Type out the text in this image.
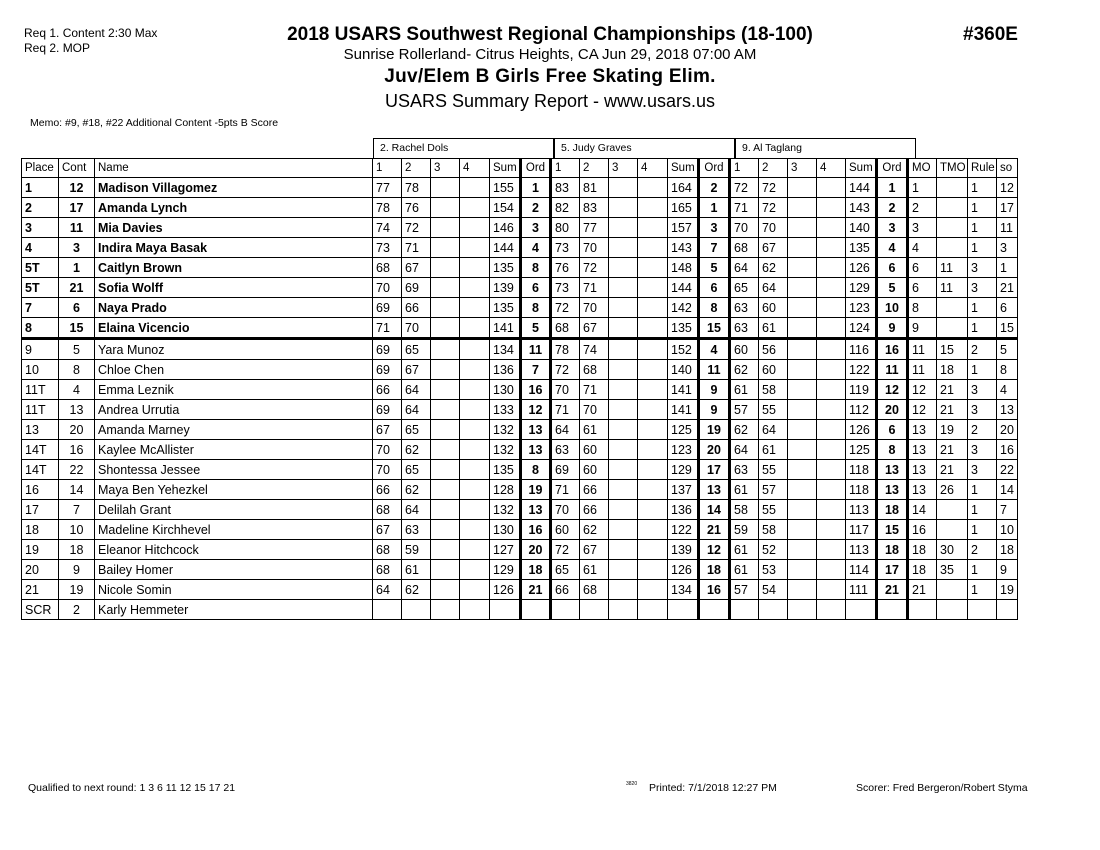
Req 1. Content 2:30 Max
Req 2. MOP
2018 USARS Southwest Regional Championships (18-100)
Sunrise Rollerland- Citrus Heights, CA Jun 29, 2018 07:00 AM
Juv/Elem B Girls Free Skating Elim.
USARS Summary Report - www.usars.us
#360E
Memo: #9, #18, #22 Additional Content -5pts B Score
2. Rachel Dols	5. Judy Graves	9. Al Taglang
Place	Cont	Name	1	2	3	4	Sum	Ord	1	2	3	4	Sum	Ord	1	2	3	4	Sum	Ord	MO	TMO	Rule	so
1	12	Madison Villagomez	77	78			155	1	83	81			164	2	72	72			144	1	1		1	12
2	17	Amanda Lynch	78	76			154	2	82	83			165	1	71	72			143	2	2		1	17
3	11	Mia Davies	74	72			146	3	80	77			157	3	70	70			140	3	3		1	11
4	3	Indira Maya Basak	73	71			144	4	73	70			143	7	68	67			135	4	4		1	3
5T	1	Caitlyn Brown	68	67			135	8	76	72			148	5	64	62			126	6	6	11	3	1
5T	21	Sofia Wolff	70	69			139	6	73	71			144	6	65	64			129	5	6	11	3	21
7	6	Naya Prado	69	66			135	8	72	70			142	8	63	60			123	10	8		1	6
8	15	Elaina Vicencio	71	70			141	5	68	67			135	15	63	61			124	9	9		1	15
9	5	Yara Munoz	69	65			134	11	78	74			152	4	60	56			116	16	11	15	2	5
10	8	Chloe Chen	69	67			136	7	72	68			140	11	62	60			122	11	11	18	1	8
11T	4	Emma Leznik	66	64			130	16	70	71			141	9	61	58			119	12	12	21	3	4
11T	13	Andrea Urrutia	69	64			133	12	71	70			141	9	57	55			112	20	12	21	3	13
13	20	Amanda Marney	67	65			132	13	64	61			125	19	62	64			126	6	13	19	2	20
14T	16	Kaylee McAllister	70	62			132	13	63	60			123	20	64	61			125	8	13	21	3	16
14T	22	Shontessa Jessee	70	65			135	8	69	60			129	17	63	55			118	13	13	21	3	22
16	14	Maya Ben Yehezkel	66	62			128	19	71	66			137	13	61	57			118	13	13	26	1	14
17	7	Delilah Grant	68	64			132	13	70	66			136	14	58	55			113	18	14		1	7
18	10	Madeline Kirchhevel	67	63			130	16	60	62			122	21	59	58			117	15	16		1	10
19	18	Eleanor Hitchcock	68	59			127	20	72	67			139	12	61	52			113	18	18	30	2	18
20	9	Bailey Homer	68	61			129	18	65	61			126	18	61	53			114	17	18	35	1	9
21	19	Nicole Somin	64	62			126	21	66	68			134	16	57	54			111	21	21		1	19
SCR	2	Karly Hemmeter																						
Qualified to next round: 1 3 6 11 12 15 17 21	3820 Printed: 7/1/2018 12:27 PM	Scorer: Fred Bergeron/Robert Styma
